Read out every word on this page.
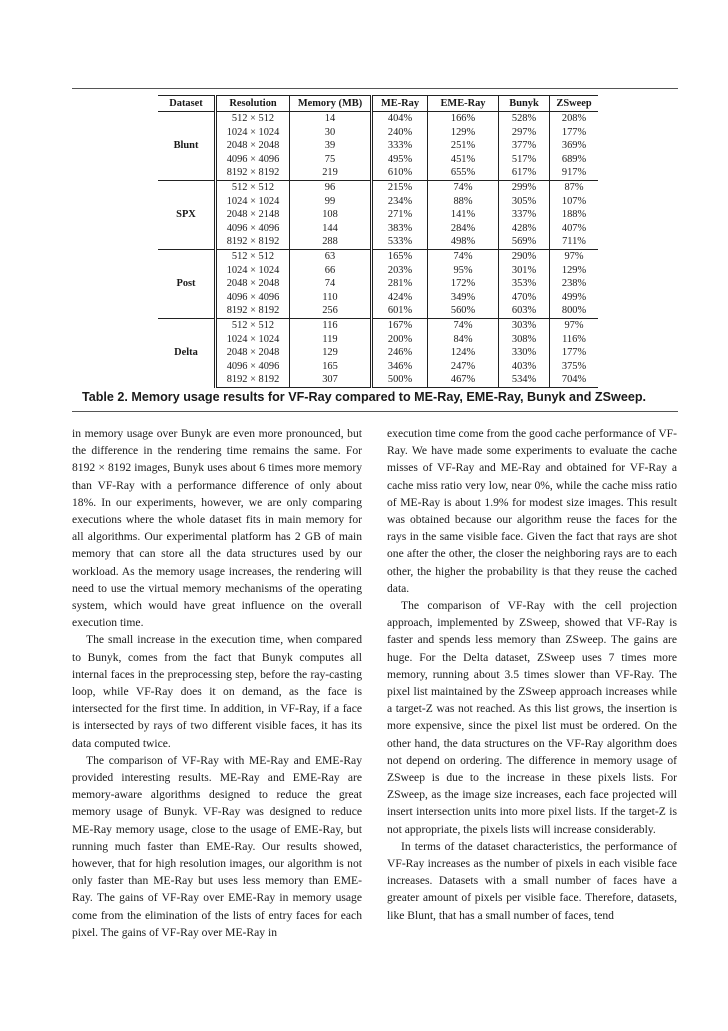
Dataset	Resolution	Memory (MB)	ME-Ray	EME-Ray	Bunyk	ZSweep
Blunt	512 × 512	14	404%	166%	528%	208%
	1024 × 1024	30	240%	129%	297%	177%
	2048 × 2048	39	333%	251%	377%	369%
	4096 × 4096	75	495%	451%	517%	689%
	8192 × 8192	219	610%	655%	617%	917%
SPX	512 × 512	96	215%	74%	299%	87%
	1024 × 1024	99	234%	88%	305%	107%
	2048 × 2148	108	271%	141%	337%	188%
	4096 × 4096	144	383%	284%	428%	407%
	8192 × 8192	288	533%	498%	569%	711%
Post	512 × 512	63	165%	74%	290%	97%
	1024 × 1024	66	203%	95%	301%	129%
	2048 × 2048	74	281%	172%	353%	238%
	4096 × 4096	110	424%	349%	470%	499%
	8192 × 8192	256	601%	560%	603%	800%
Delta	512 × 512	116	167%	74%	303%	97%
	1024 × 1024	119	200%	84%	308%	116%
	2048 × 2048	129	246%	124%	330%	177%
	4096 × 4096	165	346%	247%	403%	375%
	8192 × 8192	307	500%	467%	534%	704%
Table 2. Memory usage results for VF-Ray compared to ME-Ray, EME-Ray, Bunyk and ZSweep.

in memory usage over Bunyk are even more pronounced, but the difference in the rendering time remains the same. For 8192 × 8192 images, Bunyk uses about 6 times more memory than VF-Ray with a performance difference of only about 18%. In our experiments, however, we are only comparing executions where the whole dataset fits in main memory for all algorithms. Our experimental platform has 2 GB of main memory that can store all the data structures used by our workload. As the memory usage increases, the rendering will need to use the virtual memory mechanisms of the operating system, which would have great influence on the overall execution time.

The small increase in the execution time, when compared to Bunyk, comes from the fact that Bunyk computes all internal faces in the preprocessing step, before the ray-casting loop, while VF-Ray does it on demand, as the face is intersected for the first time. In addition, in VF-Ray, if a face is intersected by rays of two different visible faces, it has its data computed twice.

The comparison of VF-Ray with ME-Ray and EME-Ray provided interesting results. ME-Ray and EME-Ray are memory-aware algorithms designed to reduce the great memory usage of Bunyk. VF-Ray was designed to reduce ME-Ray memory usage, close to the usage of EME-Ray, but running much faster than EME-Ray. Our results showed, however, that for high resolution images, our algorithm is not only faster than ME-Ray but uses less memory than EME-Ray. The gains of VF-Ray over EME-Ray in memory usage come from the elimination of the lists of entry faces for each pixel. The gains of VF-Ray over ME-Ray in

execution time come from the good cache performance of VF-Ray. We have made some experiments to evaluate the cache misses of VF-Ray and ME-Ray and obtained for VF-Ray a cache miss ratio very low, near 0%, while the cache miss ratio of ME-Ray is about 1.9% for modest size images. This result was obtained because our algorithm reuse the faces for the rays in the same visible face. Given the fact that rays are shot one after the other, the closer the neighboring rays are to each other, the higher the probability is that they reuse the cached data.

The comparison of VF-Ray with the cell projection approach, implemented by ZSweep, showed that VF-Ray is faster and spends less memory than ZSweep. The gains are huge. For the Delta dataset, ZSweep uses 7 times more memory, running about 3.5 times slower than VF-Ray. The pixel list maintained by the ZSweep approach increases while a target-Z was not reached. As this list grows, the insertion is more expensive, since the pixel list must be ordered. On the other hand, the data structures on the VF-Ray algorithm does not depend on ordering. The difference in memory usage of ZSweep is due to the increase in these pixels lists. For ZSweep, as the image size increases, each face projected will insert intersection units into more pixel lists. If the target-Z is not appropriate, the pixels lists will increase considerably.

In terms of the dataset characteristics, the performance of VF-Ray increases as the number of pixels in each visible face increases. Datasets with a small number of faces have a greater amount of pixels per visible face. Therefore, datasets, like Blunt, that has a small number of faces, tend
